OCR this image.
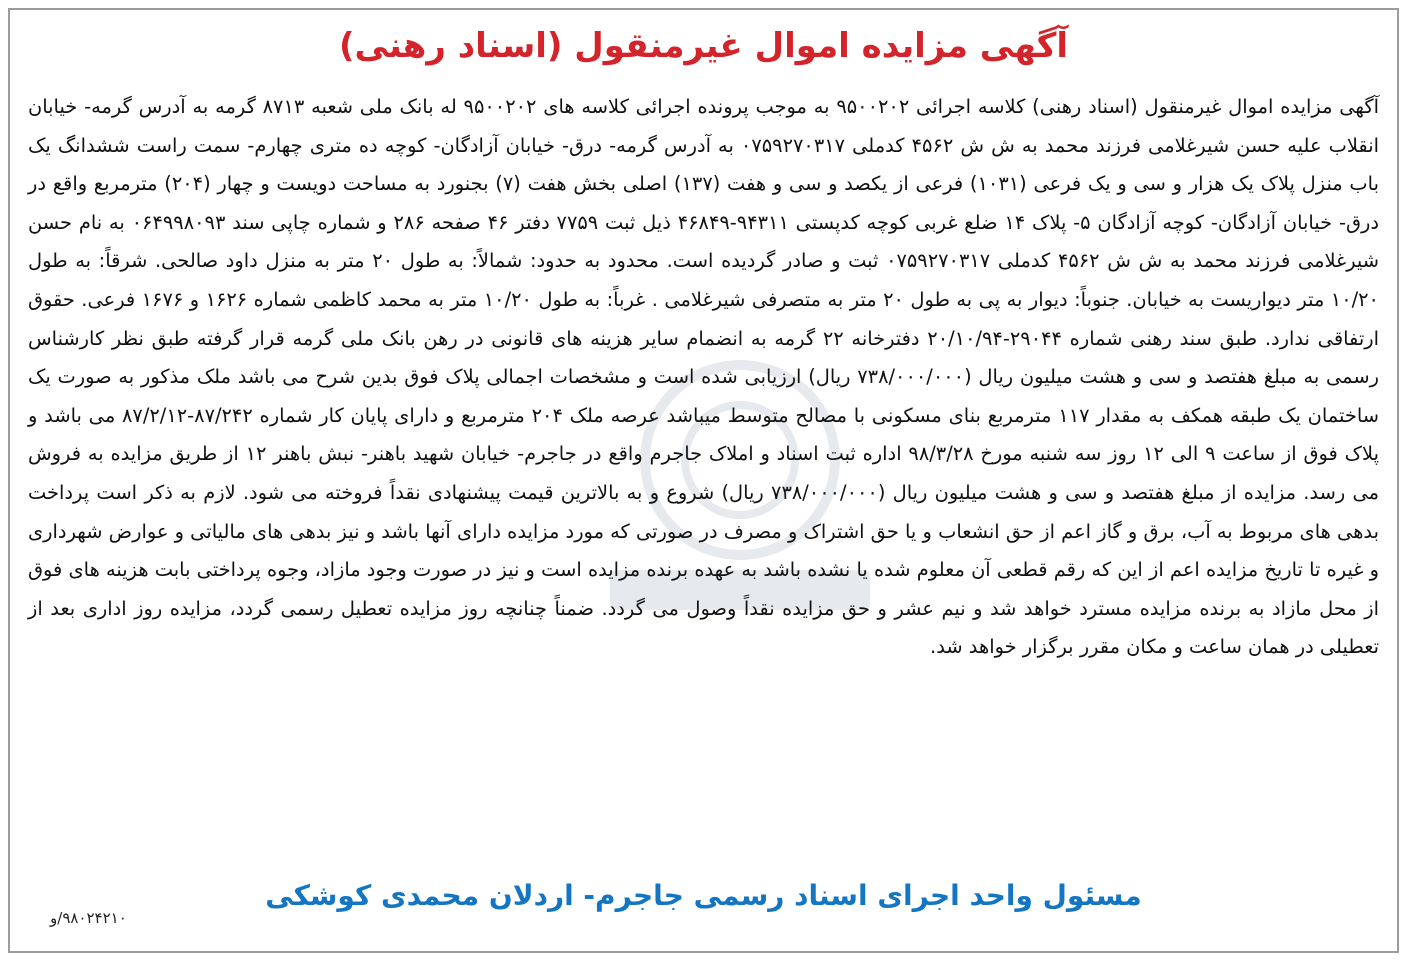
آگهی مزایده اموال غیرمنقول (اسناد رهنی)

آگهی مزایده اموال غیرمنقول (اسناد رهنی) کلاسه اجرائی ۹۵۰۰۲۰۲ به موجب پرونده اجرائی کلاسه های ۹۵۰۰۲۰۲ له بانک ملی شعبه ۸۷۱۳ گرمه به آدرس گرمه- خیابان انقلاب علیه حسن شیرغلامی فرزند محمد به ش ش ۴۵۶۲ کدملی ۰۷۵۹۲۷۰۳۱۷ به آدرس گرمه- درق- خیابان آزادگان- کوچه ده متری چهارم- سمت راست ششدانگ یک باب منزل پلاک یک هزار و سی و یک فرعی (۱۰۳۱) فرعی از یکصد و سی و هفت (۱۳۷) اصلی بخش هفت (۷) بجنورد به مساحت دویست و چهار (۲۰۴) مترمربع واقع در درق- خیابان آزادگان- کوچه آزادگان ۵- پلاک ۱۴ ضلع غربی کوچه کدپستی ۹۴۳۱۱-۴۶۸۴۹ ذیل ثبت ۷۷۵۹ دفتر ۴۶ صفحه ۲۸۶ و شماره چاپی سند ۰۶۴۹۹۸۰۹۳ به نام حسن شیرغلامی فرزند محمد به ش ش ۴۵۶۲ کدملی ۰۷۵۹۲۷۰۳۱۷ ثبت و صادر گردیده است. محدود به حدود: شمالاً: به طول ۲۰ متر به منزل داود صالحی. شرقاً: به طول ۱۰/۲۰ متر دیواریست به خیابان. جنوباً: دیوار به پی به طول ۲۰ متر به متصرفی شیرغلامی . غرباً: به طول ۱۰/۲۰ متر به محمد کاظمی شماره ۱۶۲۶ و ۱۶۷۶ فرعی. حقوق ارتفاقی ندارد. طبق سند رهنی شماره ۲۹۰۴۴-۲۰/۱۰/۹۴ دفترخانه ۲۲ گرمه به انضمام سایر هزینه های قانونی در رهن بانک ملی گرمه قرار گرفته طبق نظر کارشناس رسمی به مبلغ هفتصد و سی و هشت میلیون ریال (۷۳۸/۰۰۰/۰۰۰ ریال) ارزیابی شده است و مشخصات اجمالی پلاک فوق بدین شرح می باشد ملک مذکور به صورت یک ساختمان یک طبقه همکف به مقدار ۱۱۷ مترمربع بنای مسکونی با مصالح متوسط میباشد عرصه ملک ۲۰۴ مترمربع و دارای پایان کار شماره ۸۷/۲۴۲-۸۷/۲/۱۲ می باشد و پلاک فوق از ساعت ۹ الی ۱۲ روز سه شنبه مورخ ۹۸/۳/۲۸ اداره ثبت اسناد و املاک جاجرم واقع در جاجرم- خیابان شهید باهنر- نبش باهنر ۱۲ از طریق مزایده به فروش می رسد. مزایده از مبلغ هفتصد و سی و هشت میلیون ریال (۷۳۸/۰۰۰/۰۰۰ ریال) شروع و به بالاترین قیمت پیشنهادی نقداً فروخته می شود. لازم به ذکر است پرداخت بدهی های مربوط به آب، برق و گاز اعم از حق انشعاب و یا حق اشتراک و مصرف در صورتی که مورد مزایده دارای آنها باشد و نیز بدهی های مالیاتی و عوارض شهرداری و غیره تا تاریخ مزایده اعم از این که رقم قطعی آن معلوم شده یا نشده باشد به عهده برنده مزایده است و نیز در صورت وجود مازاد، وجوه پرداختی بابت هزینه های فوق از محل مازاد به برنده مزایده مسترد خواهد شد و نیم عشر و حق مزایده نقداً وصول می گردد. ضمناً چنانچه روز مزایده تعطیل رسمی گردد، مزایده روز اداری بعد از تعطیلی در همان ساعت و مکان مقرر برگزار خواهد شد.

مسئول واحد اجرای اسناد رسمی جاجرم- اردلان محمدی کوشکی
۹۸۰۲۴۲۱۰/و
